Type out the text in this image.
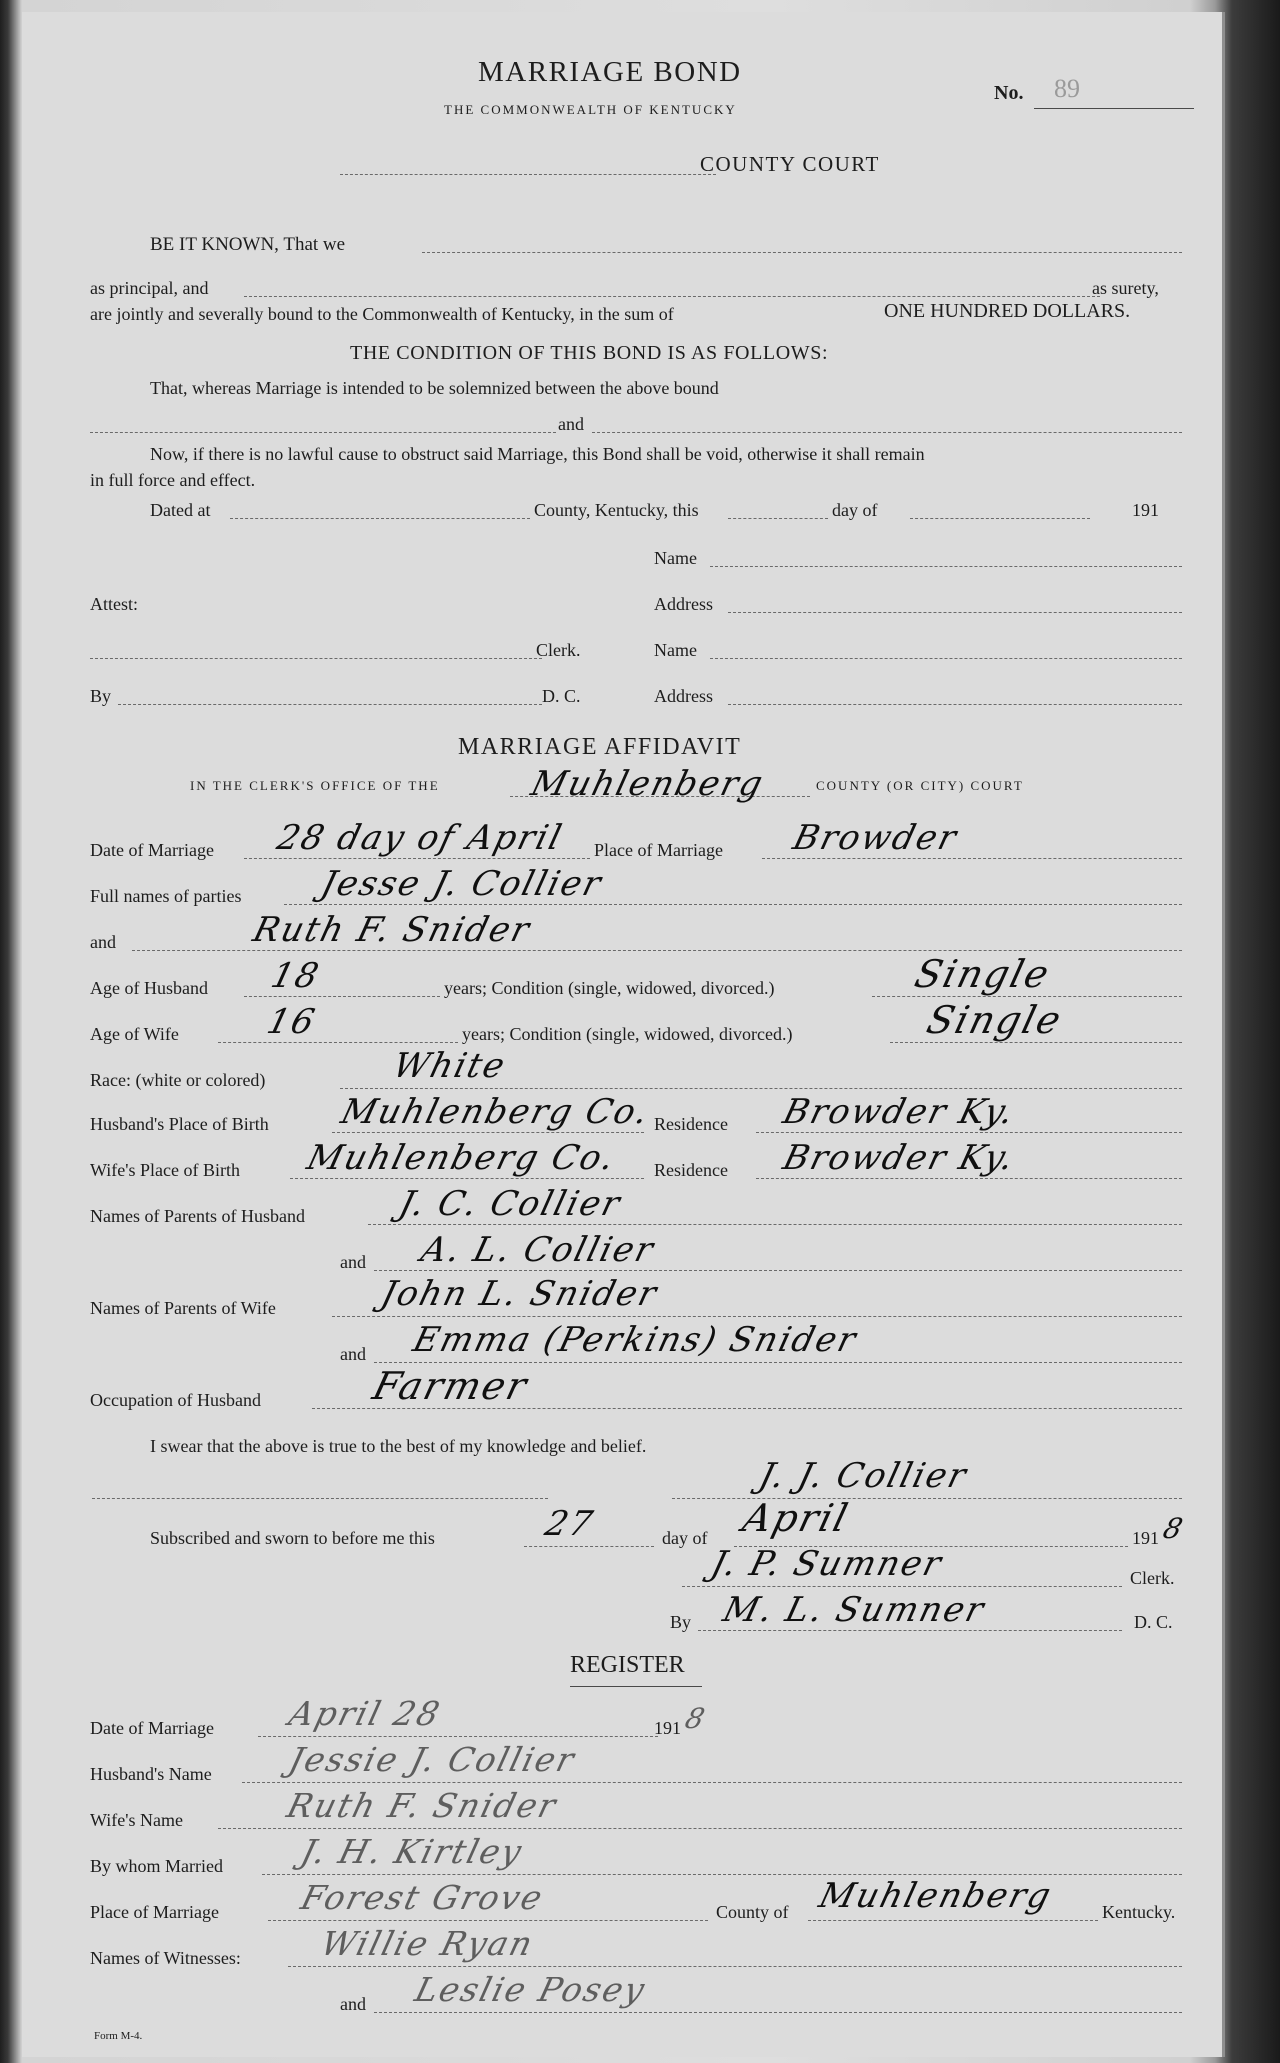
MARRIAGE BOND
THE COMMONWEALTH OF KENTUCKY
No. 89
COUNTY COURT
BE IT KNOWN, That we
as principal, and	as surety,
are jointly and severally bound to the Commonwealth of Kentucky, in the sum of	ONE HUNDRED DOLLARS.
THE CONDITION OF THIS BOND IS AS FOLLOWS:
That, whereas Marriage is intended to be solemnized between the above bound
and
Now, if there is no lawful cause to obstruct said Marriage, this Bond shall be void, otherwise it shall remain
in full force and effect.
Dated at	County, Kentucky, this	day of	191
Name
Attest:	Address
Clerk.	Name
By	D. C.	Address
MARRIAGE AFFIDAVIT
IN THE CLERK'S OFFICE OF THE	Muhlenberg	COUNTY (OR CITY) COURT
Date of Marriage 28 day of April Place of Marriage Browder
Full names of parties Jesse J. Collier
and	Ruth F. Snider
Age of Husband 18	years; Condition (single, widowed, divorced.)	Single
Age of Wife 16	years; Condition (single, widowed, divorced.)	Single
Race: (white or colored)	White
Husband's Place of Birth Muhlenberg Co. Residence Browder Ky.
Wife's Place of Birth Muhlenberg Co. Residence Browder Ky.
Names of Parents of Husband	J. C. Collier
and A. L. Collier
Names of Parents of Wife	John L. Snider
and Emma (Perkins) Snider
Occupation of Husband	Farmer
I swear that the above is true to the best of my knowledge and belief.
J. J. Collier
Subscribed and sworn to before me this	27	day of April	191 8
J. P. Sumner	Clerk.
By M. L. Sumner	D. C.
REGISTER
Date of Marriage April 28	191 8
Husband's Name Jessie J. Collier
Wife's Name	Ruth F. Snider
By whom Married J. H. Kirtley
Place of Marriage Forest Grove	County of Muhlenberg	Kentucky.
Names of Witnesses: Willie Ryan
and Leslie Posey
Form M-4.
